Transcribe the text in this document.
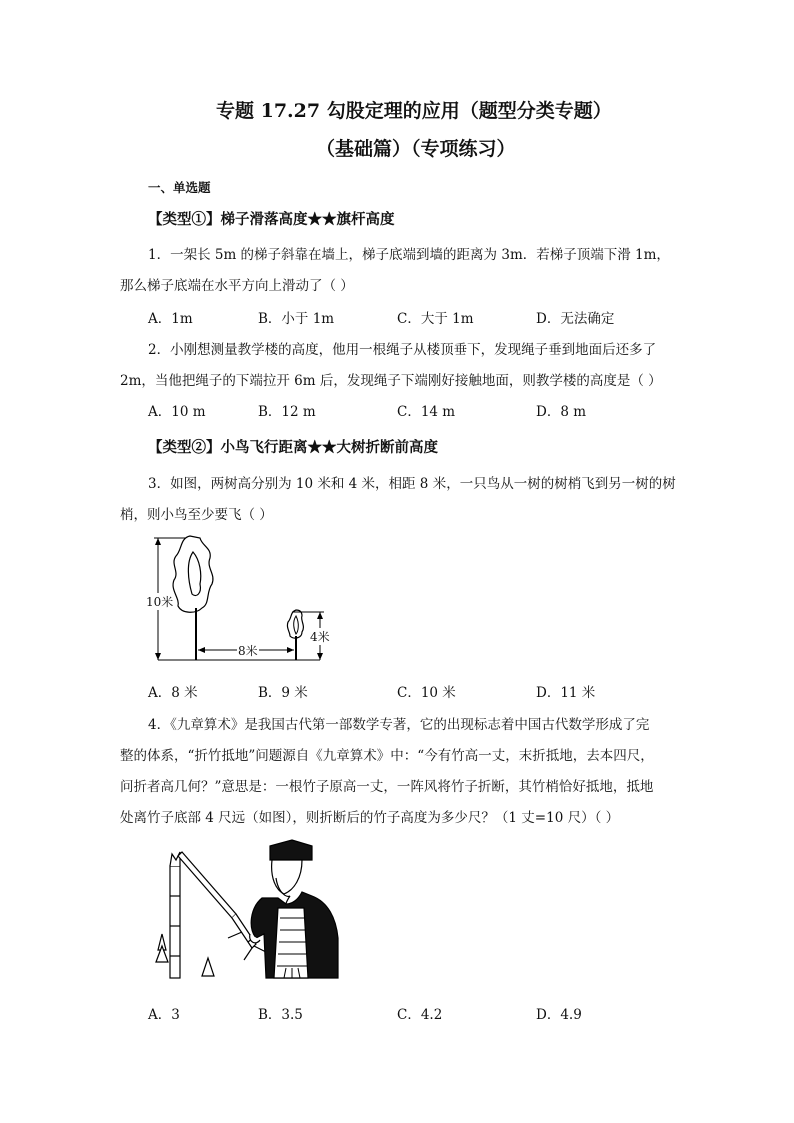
专题 17.27 勾股定理的应用（题型分类专题）
（基础篇）（专项练习）
一、单选题
【类型①】梯子滑落高度★★旗杆高度
1．一架长 5m 的梯子斜靠在墙上，梯子底端到墙的距离为 3m．若梯子顶端下滑 1m，
那么梯子底端在水平方向上滑动了（ ）
A．1m	B．小于 1m	C．大于 1m	D．无法确定
2．小刚想测量教学楼的高度，他用一根绳子从楼顶垂下，发现绳子垂到地面后还多了
2m，当他把绳子的下端拉开 6m 后，发现绳子下端刚好接触地面，则教学楼的高度是（ ）
A．10 m	B．12 m	C．14 m	D．8 m
【类型②】小鸟飞行距离★★大树折断前高度
3．如图，两树高分别为 10 米和 4 米，相距 8 米，一只鸟从一树的树梢飞到另一树的树
梢，则小鸟至少要飞（ ）
10米
8米
4米
A．8 米	B．9 米	C．10 米	D．11 米
4．《九章算术》是我国古代第一部数学专著，它的出现标志着中国古代数学形成了完
整的体系，“折竹抵地”问题源自《九章算术》中：“今有竹高一丈，末折抵地，去本四尺，
问折者高几何？”意思是：一根竹子原高一丈，一阵风将竹子折断，其竹梢恰好抵地，抵地
处离竹子底部 4 尺远（如图），则折断后的竹子高度为多少尺？（1 丈=10 尺）（ ）
A．3	B．3.5	C．4.2	D．4.9
